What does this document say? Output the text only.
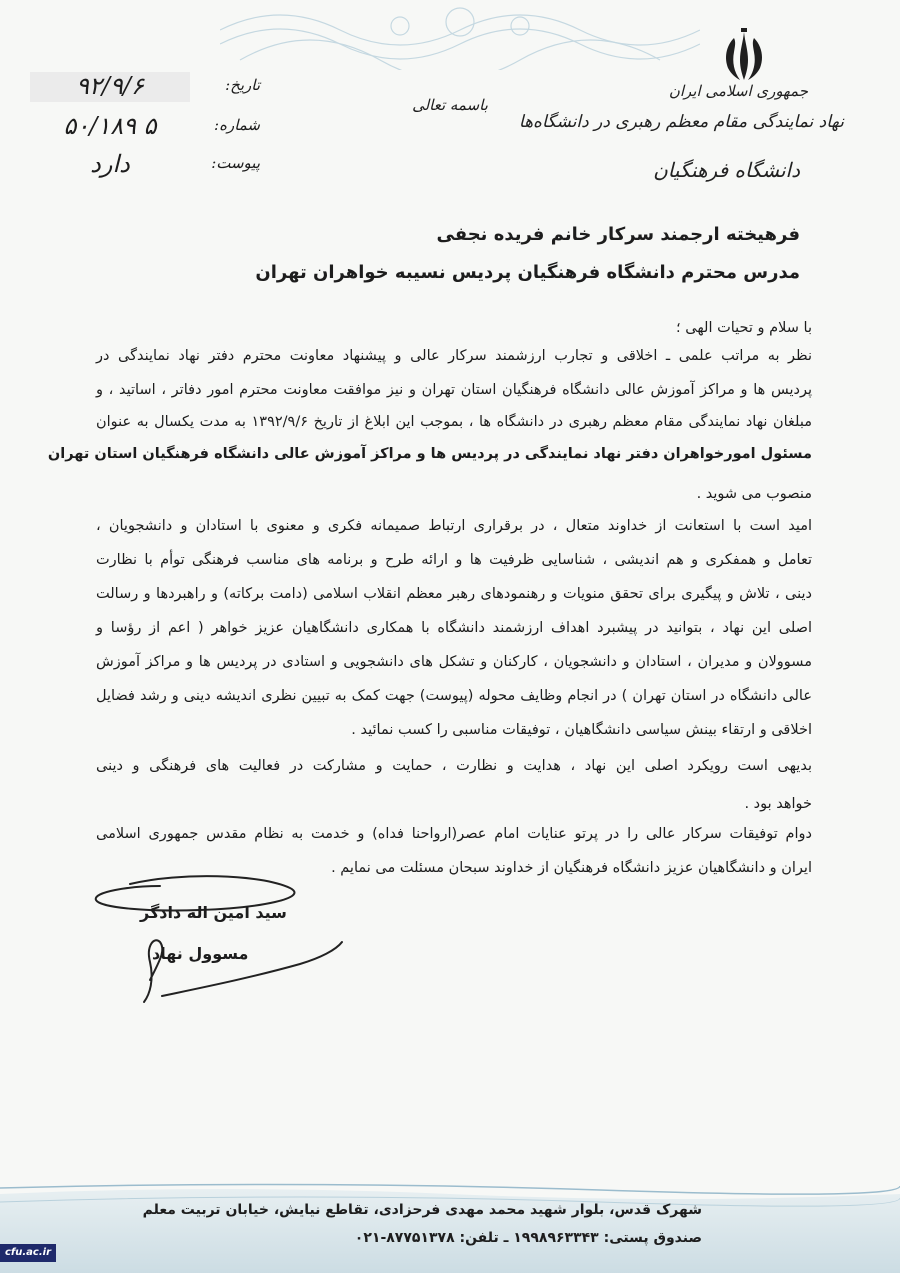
جمهوری اسلامی ایران
نهاد نمایندگی مقام معظم رهبری در دانشگاه‌ها
دانشگاه فرهنگیان
باسمه تعالی
تاریخ:
۹۲/۹/۶
شماره:
۵۰/۱۸۹ ۵
پیوست:
دارد
فرهیخته ارجمند سرکار خانم فریده نجفی
مدرس محترم دانشگاه فرهنگیان پردیس نسیبه خواهران تهران
با سلام و تحیات الهی ؛
نظر به مراتب علمی ـ اخلاقی و تجارب ارزشمند سرکار عالی و پیشنهاد معاونت محترم دفتر نهاد نمایندگی در
پردیس ها و مراکز آموزش عالی دانشگاه فرهنگیان استان تهران و نیز موافقت معاونت محترم امور دفاتر ، اساتید ، و
مبلغان نهاد نمایندگی مقام معظم رهبری در دانشگاه ها ، بموجب این ابلاغ از تاریخ ۱۳۹۲/۹/۶ به مدت یکسال به عنوان
مسئول امورخواهران دفتر نهاد نمایندگی در پردیس ها و مراکز آموزش عالی دانشگاه فرهنگیان استان تهران
منصوب می شوید .
امید است با استعانت از خداوند متعال ، در برقراری ارتباط صمیمانه فکری و معنوی با استادان و دانشجویان ،
تعامل و همفکری و هم اندیشی ، شناسایی ظرفیت ها و ارائه طرح و برنامه های مناسب فرهنگی توأم با نظارت
دینی ، تلاش و پیگیری برای تحقق منویات و رهنمودهای رهبر معظم انقلاب اسلامی (دامت برکاته) و راهبردها و رسالت
اصلی این نهاد ، بتوانید در پیشبرد اهداف ارزشمند دانشگاه با همکاری دانشگاهیان عزیز خواهر ( اعم از رؤسا و
مسوولان و مدیران ، استادان و دانشجویان ، کارکنان و تشکل های دانشجویی و استادی در پردیس ها و مراکز آموزش
عالی دانشگاه در استان تهران ) در انجام وظایف محوله (پیوست) جهت کمک به تبیین نظری اندیشه دینی و رشد فضایل
اخلاقی و ارتقاء بینش سیاسی دانشگاهیان ، توفیقات مناسبی را کسب نمائید .
بدیهی است رویکرد اصلی این نهاد ، هدایت و نظارت ، حمایت و مشارکت در فعالیت های فرهنگی و دینی
خواهد بود .
دوام توفیقات سرکار عالی را در پرتو عنایات امام عصر(ارواحنا فداه) و خدمت به نظام مقدس جمهوری اسلامی
ایران و دانشگاهیان عزیز دانشگاه فرهنگیان از خداوند سبحان مسئلت می نمایم .
سید امین اله دادگر
مسوول نهاد
شهرک قدس، بلوار شهید محمد مهدی فرحزادی، تقاطع نیایش، خیابان تربیت معلم
صندوق پستی: ۱۹۹۸۹۶۳۳۴۳ ـ تلفن: ۸۷۷۵۱۳۷۸-۰۲۱
cfu.ac.ir
